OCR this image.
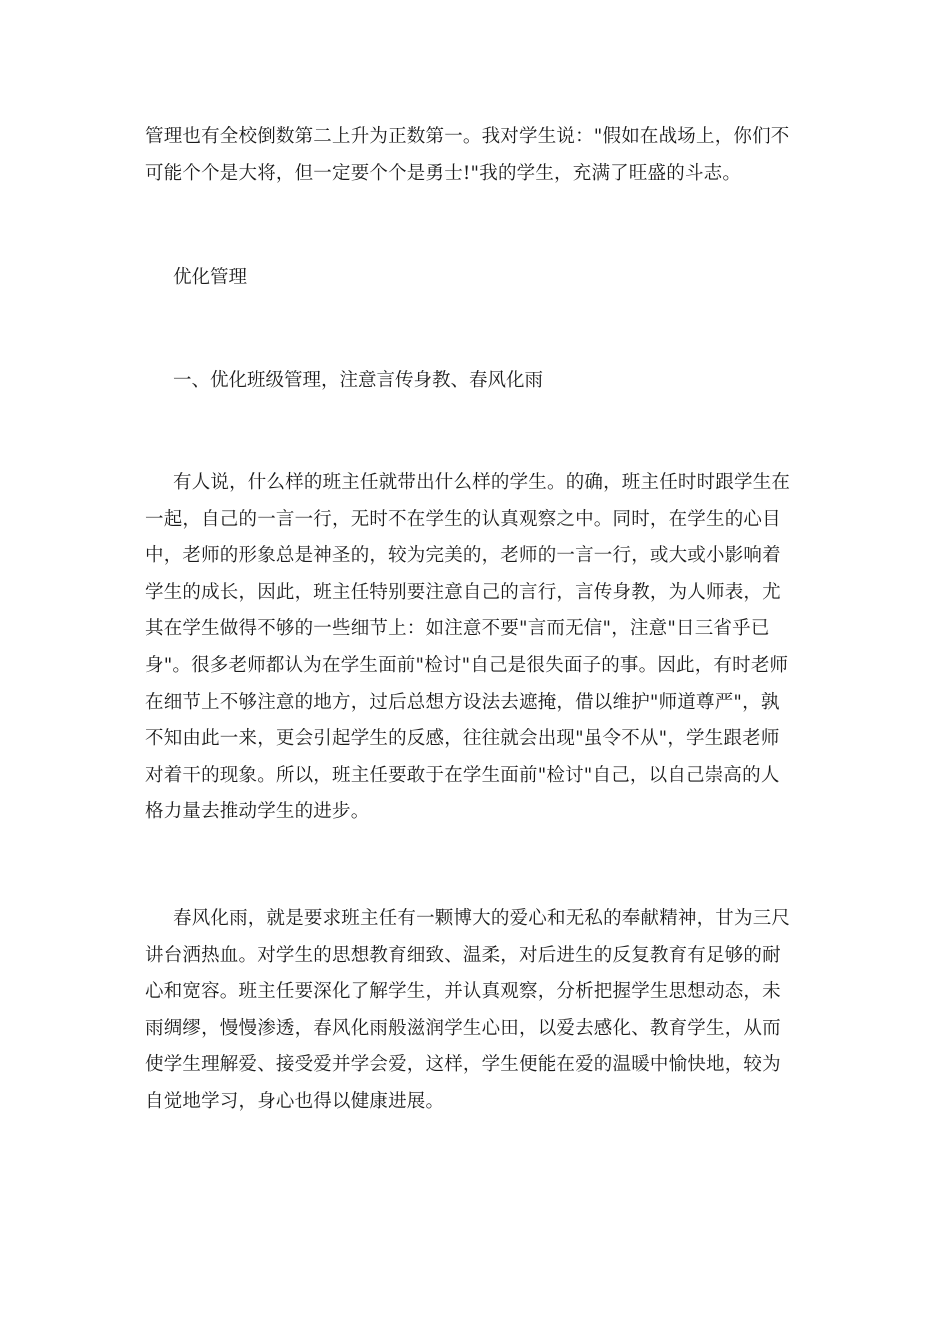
管理也有全校倒数第二上升为正数第一。我对学生说："假如在战场上，你们不
可能个个是大将，但一定要个个是勇士!"我的学生，充满了旺盛的斗志。
优化管理
一、优化班级管理，注意言传身教、春风化雨
有人说，什么样的班主任就带出什么样的学生。的确，班主任时时跟学生在
一起，自己的一言一行，无时不在学生的认真观察之中。同时，在学生的心目
中，老师的形象总是神圣的，较为完美的，老师的一言一行，或大或小影响着
学生的成长，因此，班主任特别要注意自己的言行，言传身教，为人师表，尤
其在学生做得不够的一些细节上：如注意不要"言而无信"，注意"日三省乎已
身"。很多老师都认为在学生面前"检讨"自己是很失面子的事。因此，有时老师
在细节上不够注意的地方，过后总想方设法去遮掩，借以维护"师道尊严"，孰
不知由此一来，更会引起学生的反感，往往就会出现"虽令不从"，学生跟老师
对着干的现象。所以，班主任要敢于在学生面前"检讨"自己，以自己崇高的人
格力量去推动学生的进步。
春风化雨，就是要求班主任有一颗博大的爱心和无私的奉献精神，甘为三尺
讲台洒热血。对学生的思想教育细致、温柔，对后进生的反复教育有足够的耐
心和宽容。班主任要深化了解学生，并认真观察，分析把握学生思想动态，未
雨绸缪，慢慢渗透，春风化雨般滋润学生心田，以爱去感化、教育学生，从而
使学生理解爱、接受爱并学会爱，这样，学生便能在爱的温暖中愉快地，较为
自觉地学习，身心也得以健康进展。
